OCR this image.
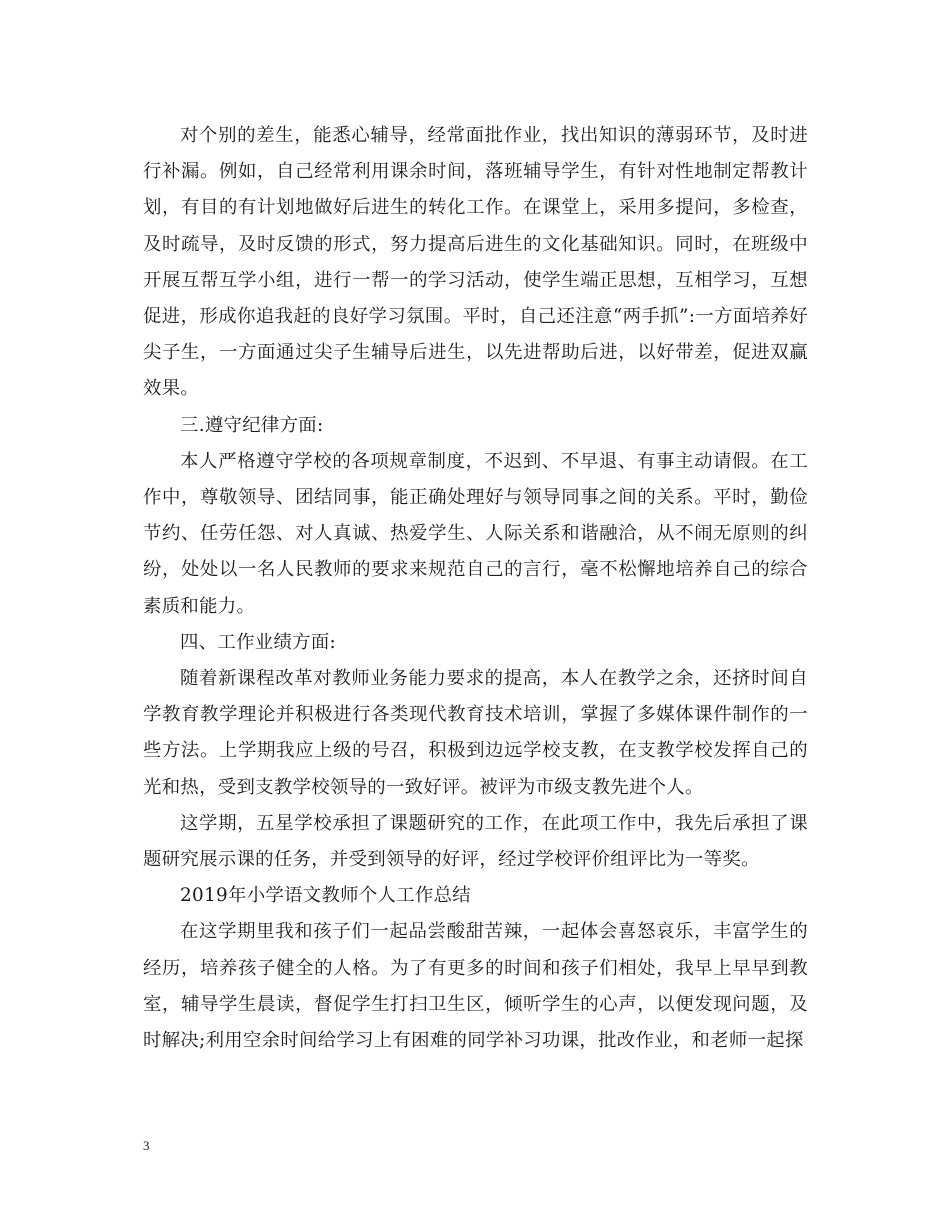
对个别的差生，能悉心辅导，经常面批作业，找出知识的薄弱环节，及时进行补漏。例如，自己经常利用课余时间，落班辅导学生，有针对性地制定帮教计划，有目的有计划地做好后进生的转化工作。在课堂上，采用多提问，多检查，及时疏导，及时反馈的形式，努力提高后进生的文化基础知识。同时，在班级中开展互帮互学小组，进行一帮一的学习活动，使学生端正思想，互相学习，互想促进，形成你追我赶的良好学习氛围。平时，自己还注意“两手抓”:一方面培养好尖子生，一方面通过尖子生辅导后进生，以先进帮助后进，以好带差，促进双赢效果。

三.遵守纪律方面:

本人严格遵守学校的各项规章制度，不迟到、不早退、有事主动请假。在工作中，尊敬领导、团结同事，能正确处理好与领导同事之间的关系。平时，勤俭节约、任劳任怨、对人真诚、热爱学生、人际关系和谐融洽，从不闹无原则的纠纷，处处以一名人民教师的要求来规范自己的言行，毫不松懈地培养自己的综合素质和能力。

四、工作业绩方面:

随着新课程改革对教师业务能力要求的提高，本人在教学之余，还挤时间自学教育教学理论并积极进行各类现代教育技术培训，掌握了多媒体课件制作的一些方法。上学期我应上级的号召，积极到边远学校支教，在支教学校发挥自己的光和热，受到支教学校领导的一致好评。被评为市级支教先进个人。

这学期，五星学校承担了课题研究的工作，在此项工作中，我先后承担了课题研究展示课的任务，并受到领导的好评，经过学校评价组评比为一等奖。

2019年小学语文教师个人工作总结

在这学期里我和孩子们一起品尝酸甜苦辣，一起体会喜怒哀乐，丰富学生的经历，培养孩子健全的人格。为了有更多的时间和孩子们相处，我早上早早到教室，辅导学生晨读，督促学生打扫卫生区，倾听学生的心声，以便发现问题，及时解决;利用空余时间给学习上有困难的同学补习功课，批改作业，和老师一起探

3
